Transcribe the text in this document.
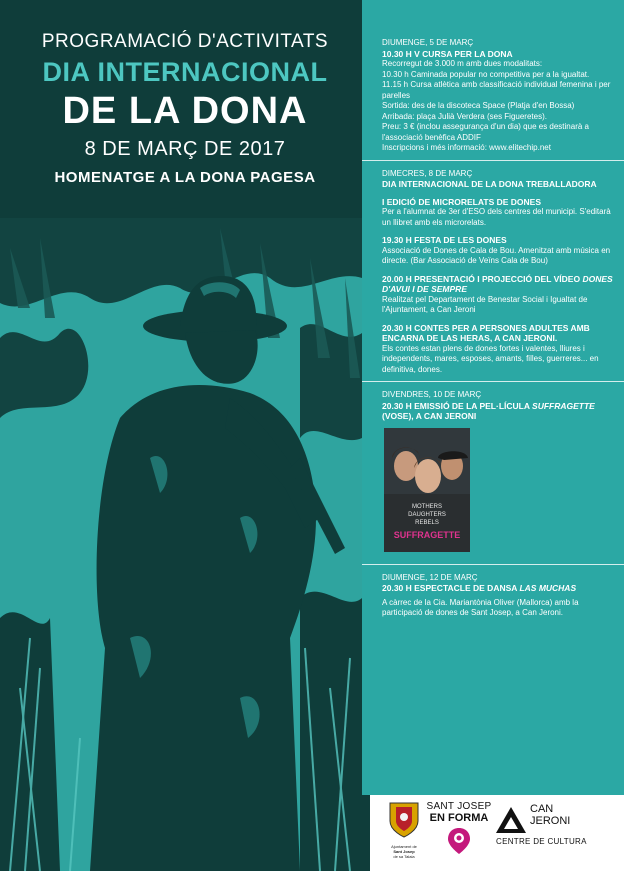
PROGRAMACIÓ D'ACTIVITATS
DIA INTERNACIONAL
DE LA DONA
8 DE MARÇ DE 2017
HOMENATGE A LA DONA PAGESA
DIUMENGE, 5 DE MARÇ
10.30 H V CURSA PER LA DONA
Recorregut de 3.000 m amb dues modalitats:
10.30 h Caminada popular no competitiva per a la igualtat.
11.15 h Cursa atlètica amb classificació individual femenina i per parelles
Sortida: des de la discoteca Space (Platja d'en Bossa)
Arribada: plaça Julià Verdera (ses Figueretes).
Preu: 3 € (inclou assegurança d'un dia) que es destinarà a l'associació benèfica ADDIF
Inscripcions i més informació: www.elitechip.net
DIMECRES, 8 DE MARÇ
DIA INTERNACIONAL DE LA DONA TREBALLADORA
I EDICIÓ DE MICRORELATS DE DONES
Per a l'alumnat de 3er d'ESO dels centres del municipi. S'editarà un llibret amb els microrelats.
19.30 H FESTA DE LES DONES
Associació de Dones de Cala de Bou. Amenitzat amb música en directe. (Bar Associació de Veïns Cala de Bou)
20.00 H PRESENTACIÓ I PROJECCIÓ DEL VÍDEO DONES D'AVUI I DE SEMPRE
Realitzat pel Departament de Benestar Social i Igualtat de l'Ajuntament, a Can Jeroni
20.30 H CONTES PER A PERSONES ADULTES AMB ENCARNA DE LAS HERAS, A CAN JERONI.
Els contes estan plens de dones fortes i valentes, lliures i independents, mares, esposes, amants, filles, guerreres... en definitiva, dones.
DIVENDRES, 10 DE MARÇ
20.30 H EMISSIÓ DE LA PEL·LÍCULA SUFFRAGETTE (VOSE), A CAN JERONI
MOTHERS
DAUGHTERS
REBELS
SUFFRAGETTE
DIUMENGE, 12 DE MARÇ
20.30 H ESPECTACLE DE DANSA LAS MUCHAS
A càrrec de la Cia. Mariantònia Oliver (Mallorca) amb la participació de dones de Sant Josep, a Can Jeroni.
Ajuntament de
Sant Josep
de sa Talaia
SANT JOSEP
EN FORMA
CAN
JERONI
CENTRE DE CULTURA
